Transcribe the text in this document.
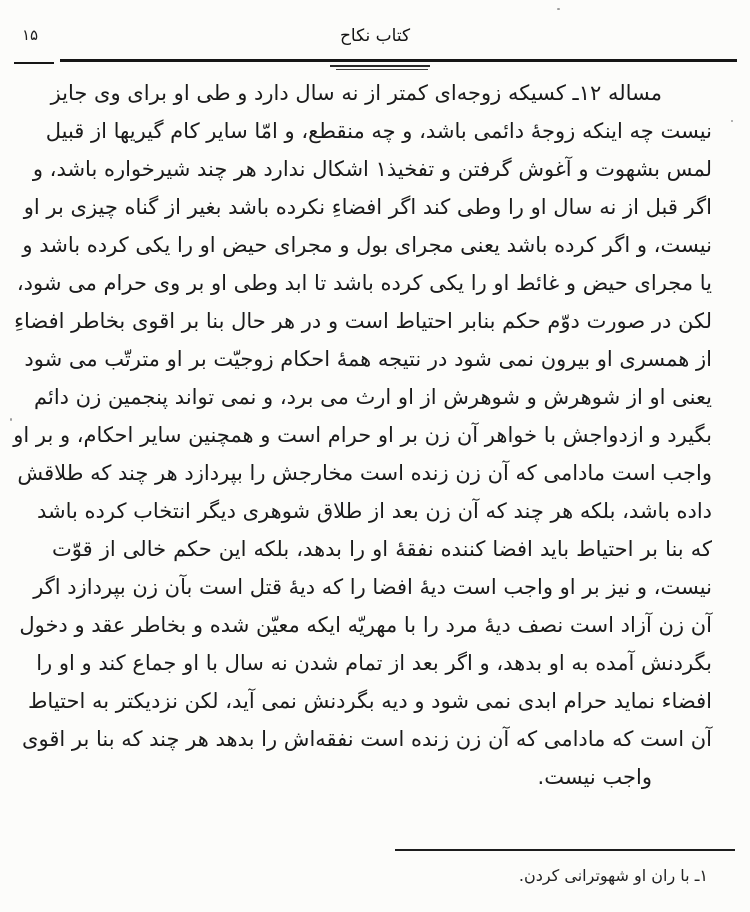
۱۵	كتاب نكاح
مساله ۱۲ـ کسیکه زوجه‌ای کمتر از نه سال دارد و طی او برای وی جایز
نیست چه اینکه زوجهٔ دائمی باشد، و چه منقطع، و امّا سایر کام گیریها از قبیل
لمس بشهوت و آغوش گرفتن و تفخیذ۱ اشکال ندارد هر چند شیرخواره باشد، و
اگر قبل از نه سال او را وطی کند اگر افضاءِ نکرده باشد بغیر از گناه چیزی بر او
نیست، و اگر کرده باشد یعنی مجرای بول و مجرای حیض او را یکی کرده باشد و
یا مجرای حیض و غائط او را یکی کرده باشد تا ابد وطی او بر وی حرام می شود،
لکن در صورت دوّم حکم بنابر احتیاط است و در هر حال بنا بر اقوی بخاطر افضاءِ
از همسری او بیرون نمی شود در نتیجه همهٔ احکام زوجیّت بر او مترتّب می شود
یعنی او از شوهرش و شوهرش از او ارث می برد، و نمی تواند پنجمین زن دائم
بگیرد و ازدواجش با خواهر آن زن بر او حرام است و همچنین سایر احکام، و بر او
واجب است مادامی که آن زن زنده است مخارجش را بپردازد هر چند که طلاقش
داده باشد، بلکه هر چند که آن زن بعد از طلاق شوهری دیگر انتخاب کرده باشد
که بنا بر احتیاط باید افضا کننده نفقهٔ او را بدهد، بلکه این حکم خالی از قوّت
نیست، و نیز بر او واجب است دیهٔ افضا را که دیهٔ قتل است بآن زن بپردازد اگر
آن زن آزاد است نصف دیهٔ مرد را با مهریّه ایکه معیّن شده و بخاطر عقد و دخول
بگردنش آمده به او بدهد، و اگر بعد از تمام شدن نه سال با او جماع کند و او را
افضاء نماید حرام ابدی نمی شود و دیه بگردنش نمی آید، لکن نزدیکتر به احتیاط
آن است که مادامی که آن زن زنده است نفقه‌اش را بدهد هر چند که بنا بر اقوی
واجب نیست.
۱ـ با ران او شهوترانی کردن.
